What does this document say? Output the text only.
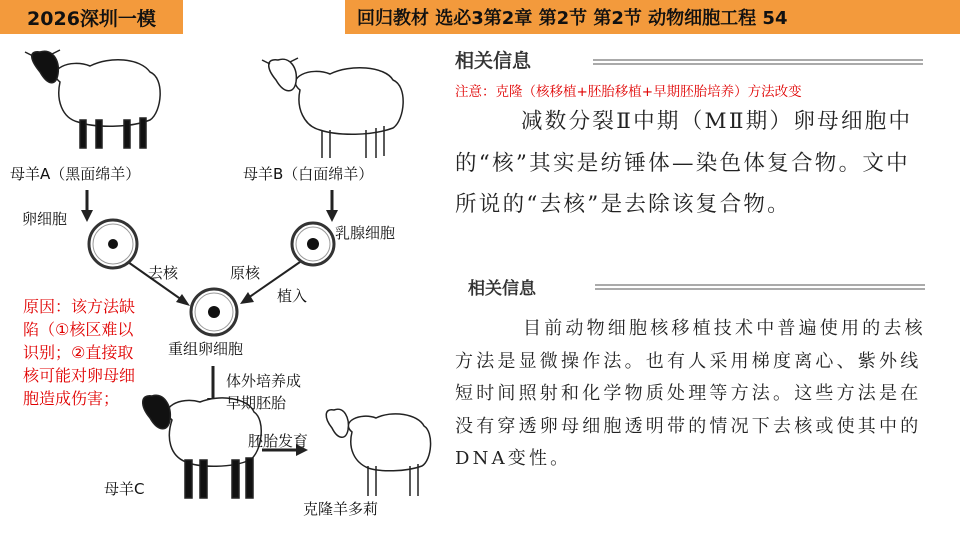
2026深圳一模	回归教材 选必3第2章 第2节 第2节 动物细胞工程 54
母羊A（黑面绵羊）	母羊B（白面绵羊）
卵细胞
乳腺细胞
去核	原核
植入
重组卵细胞
体外培养成
早期胚胎
胚胎发育
母羊C
克隆羊多莉
原因：该方法缺陷（①核区难以识别；②直接取核可能对卵母细胞造成伤害；
相关信息
注意：克隆（核移植+胚胎移植+早期胚胎培养）方法改变
减数分裂Ⅱ中期（MⅡ期）卵母细胞中的“核”其实是纺锤体—染色体复合物。文中所说的“去核”是去除该复合物。
相关信息
目前动物细胞核移植技术中普遍使用的去核方法是显微操作法。也有人采用梯度离心、紫外线短时间照射和化学物质处理等方法。这些方法是在没有穿透卵母细胞透明带的情况下去核或使其中的DNA变性。
